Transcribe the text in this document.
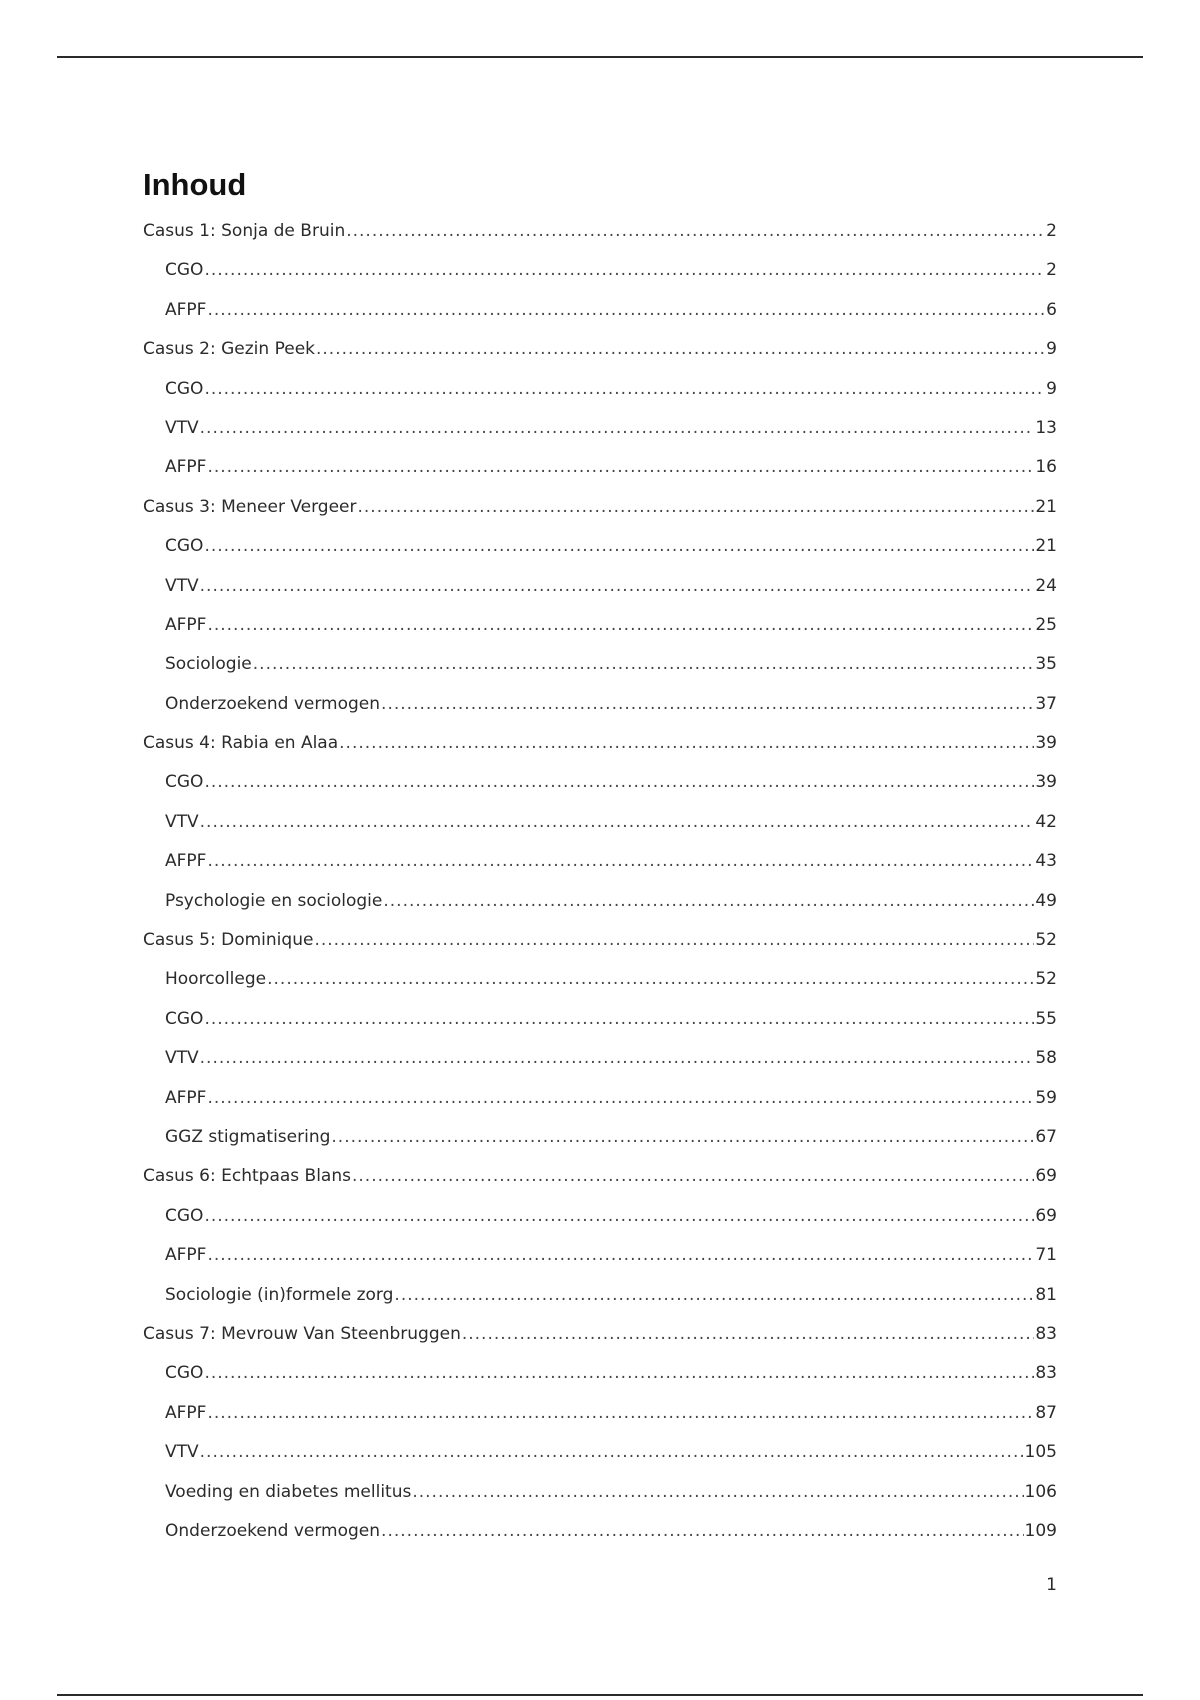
Inhoud
Casus 1: Sonja de Bruin .....	2
CGO .....	2
AFPF .....	6
Casus 2: Gezin Peek .....	9
CGO .....	9
VTV .....	13
AFPF .....	16
Casus 3: Meneer Vergeer .....	21
CGO .....	21
VTV .....	24
AFPF .....	25
Sociologie .....	35
Onderzoekend vermogen .....	37
Casus 4: Rabia en Alaa .....	39
CGO .....	39
VTV .....	42
AFPF .....	43
Psychologie en sociologie .....	49
Casus 5: Dominique .....	52
Hoorcollege .....	52
CGO .....	55
VTV .....	58
AFPF .....	59
GGZ stigmatisering .....	67
Casus 6: Echtpaas Blans .....	69
CGO .....	69
AFPF .....	71
Sociologie (in)formele zorg .....	81
Casus 7: Mevrouw Van Steenbruggen .....	83
CGO .....	83
AFPF .....	87
VTV .....	105
Voeding en diabetes mellitus .....	106
Onderzoekend vermogen .....	109
1
